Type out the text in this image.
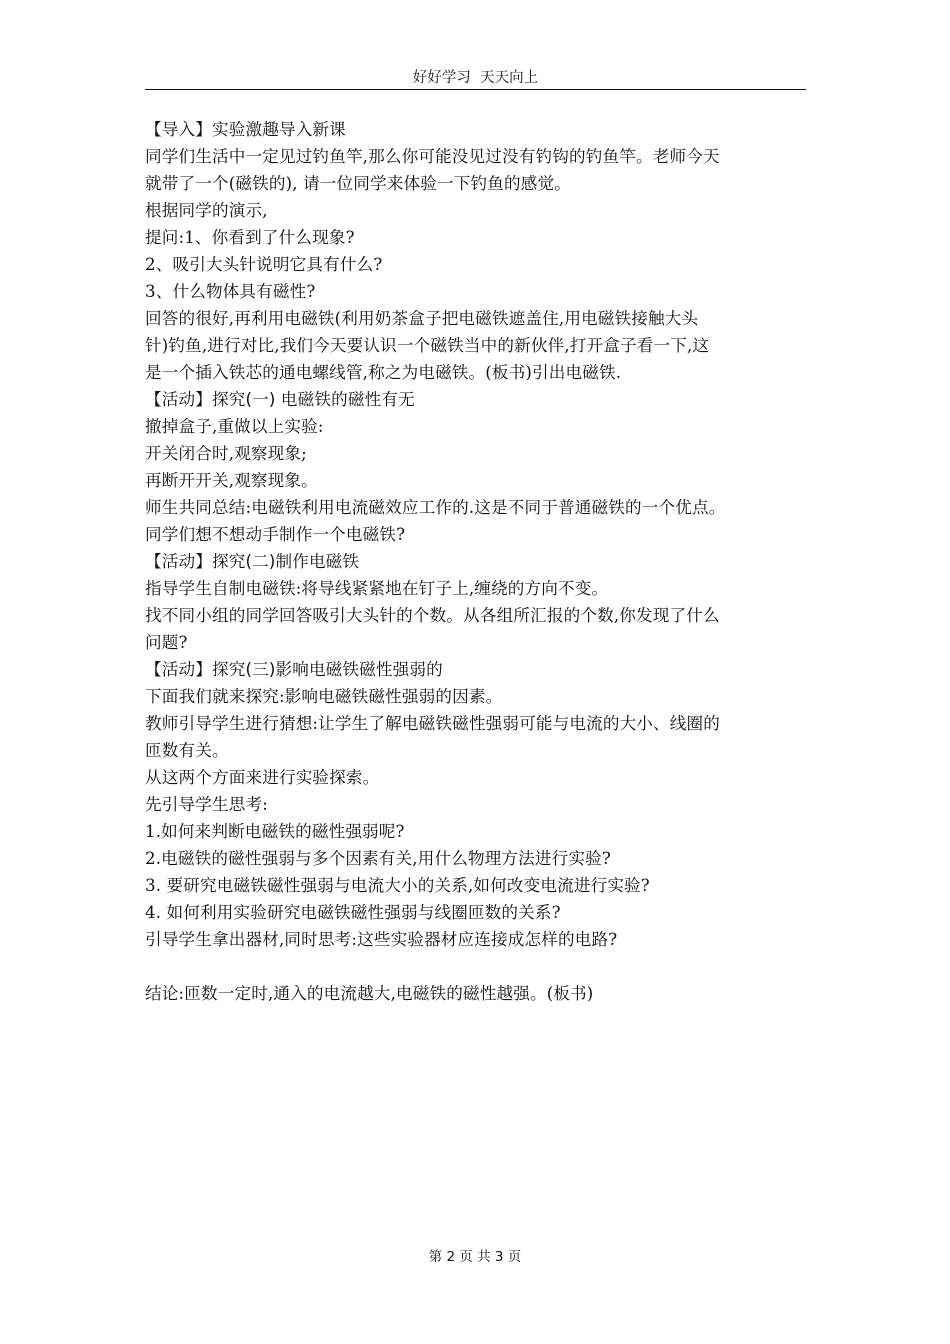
好好学习  天天向上
【导入】实验激趣导入新课
同学们生活中一定见过钓鱼竿,那么你可能没见过没有钓钩的钓鱼竿。老师今天
就带了一个(磁铁的), 请一位同学来体验一下钓鱼的感觉。
根据同学的演示,
提问:1、你看到了什么现象?
2、吸引大头针说明它具有什么?
3、什么物体具有磁性?
回答的很好,再利用电磁铁(利用奶茶盒子把电磁铁遮盖住,用电磁铁接触大头
针)钓鱼,进行对比,我们今天要认识一个磁铁当中的新伙伴,打开盒子看一下,这
是一个插入铁芯的通电螺线管,称之为电磁铁。(板书)引出电磁铁.
【活动】探究(一) 电磁铁的磁性有无
撤掉盒子,重做以上实验:
开关闭合时,观察现象;
再断开开关,观察现象。
师生共同总结:电磁铁利用电流磁效应工作的.这是不同于普通磁铁的一个优点。
同学们想不想动手制作一个电磁铁?
【活动】探究(二)制作电磁铁
指导学生自制电磁铁:将导线紧紧地在钉子上,缠绕的方向不变。
找不同小组的同学回答吸引大头针的个数。从各组所汇报的个数,你发现了什么
问题?
【活动】探究(三)影响电磁铁磁性强弱的
下面我们就来探究:影响电磁铁磁性强弱的因素。
教师引导学生进行猜想:让学生了解电磁铁磁性强弱可能与电流的大小、线圈的
匝数有关。
从这两个方面来进行实验探索。
先引导学生思考:
1.如何来判断电磁铁的磁性强弱呢?
2.电磁铁的磁性强弱与多个因素有关,用什么物理方法进行实验?
3. 要研究电磁铁磁性强弱与电流大小的关系,如何改变电流进行实验?
4. 如何利用实验研究电磁铁磁性强弱与线圈匝数的关系?
引导学生拿出器材,同时思考:这些实验器材应连接成怎样的电路?
结论:匝数一定时,通入的电流越大,电磁铁的磁性越强。(板书)
第 2 页 共 3 页
